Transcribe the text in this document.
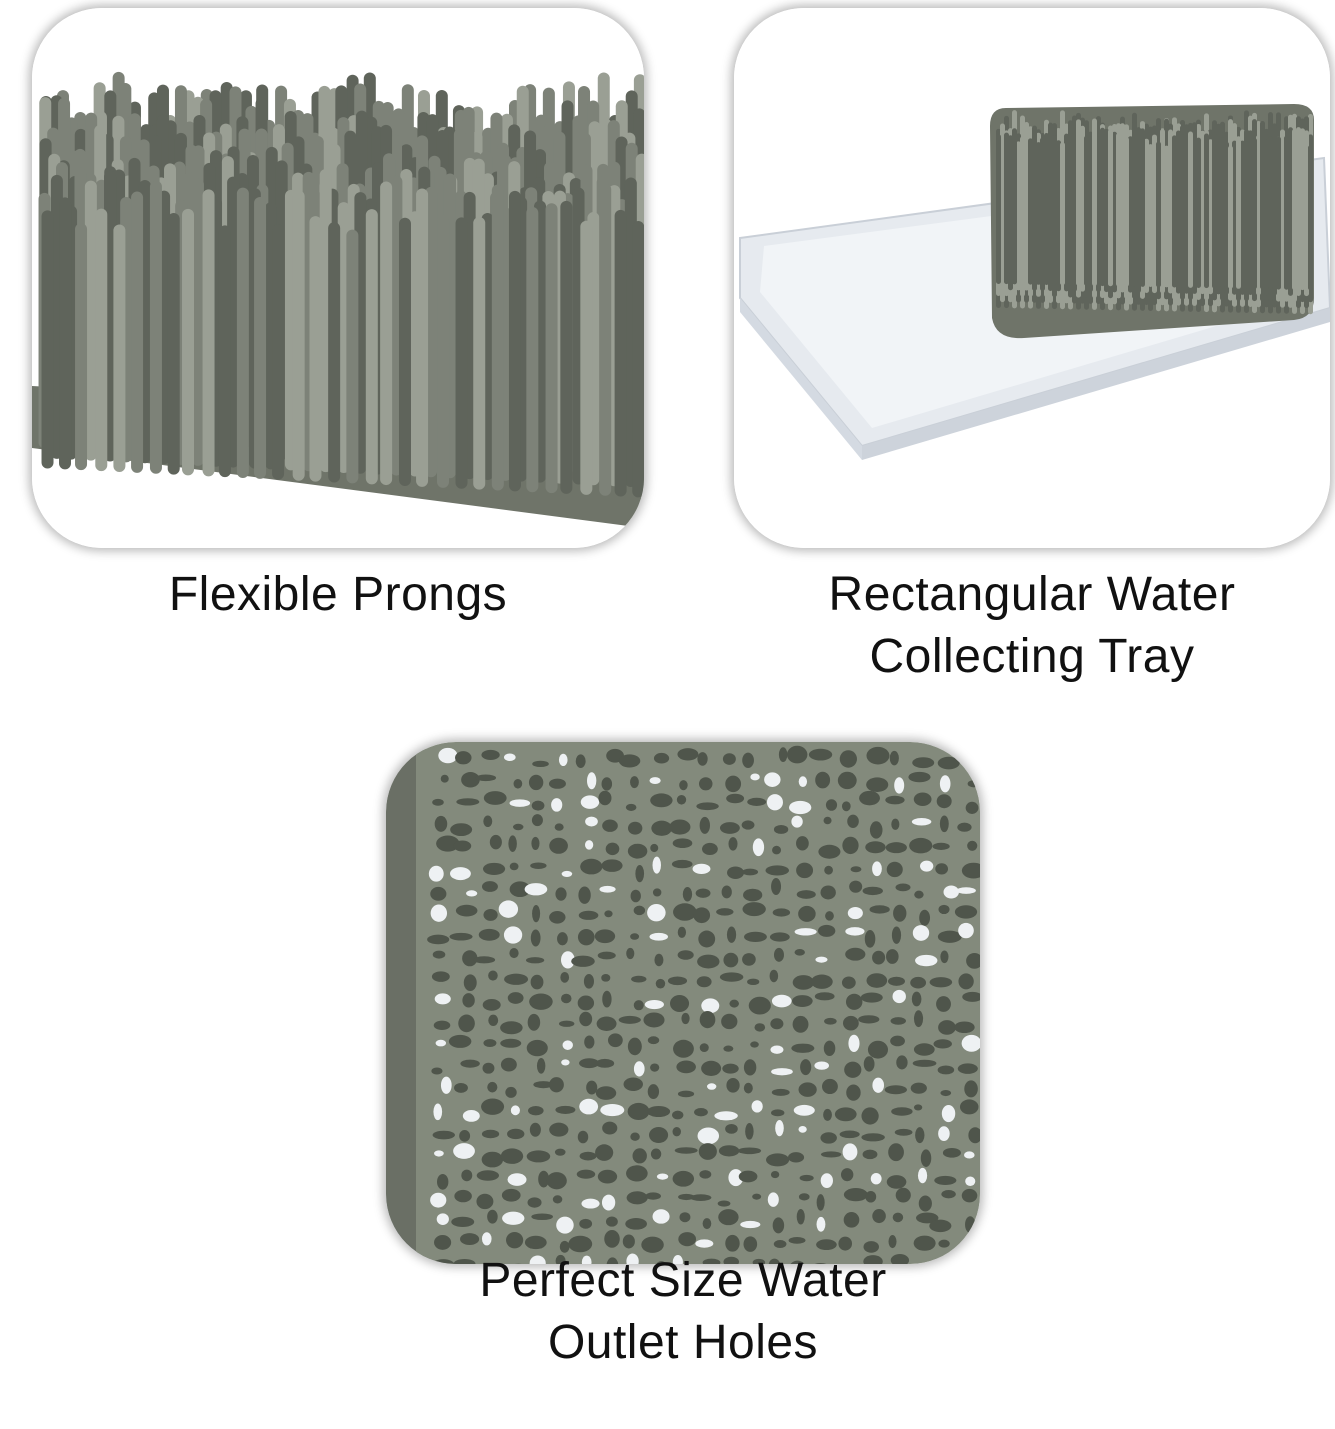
Flexible Prongs	Rectangular Water
Collecting Tray
Perfect Size Water
Outlet Holes
